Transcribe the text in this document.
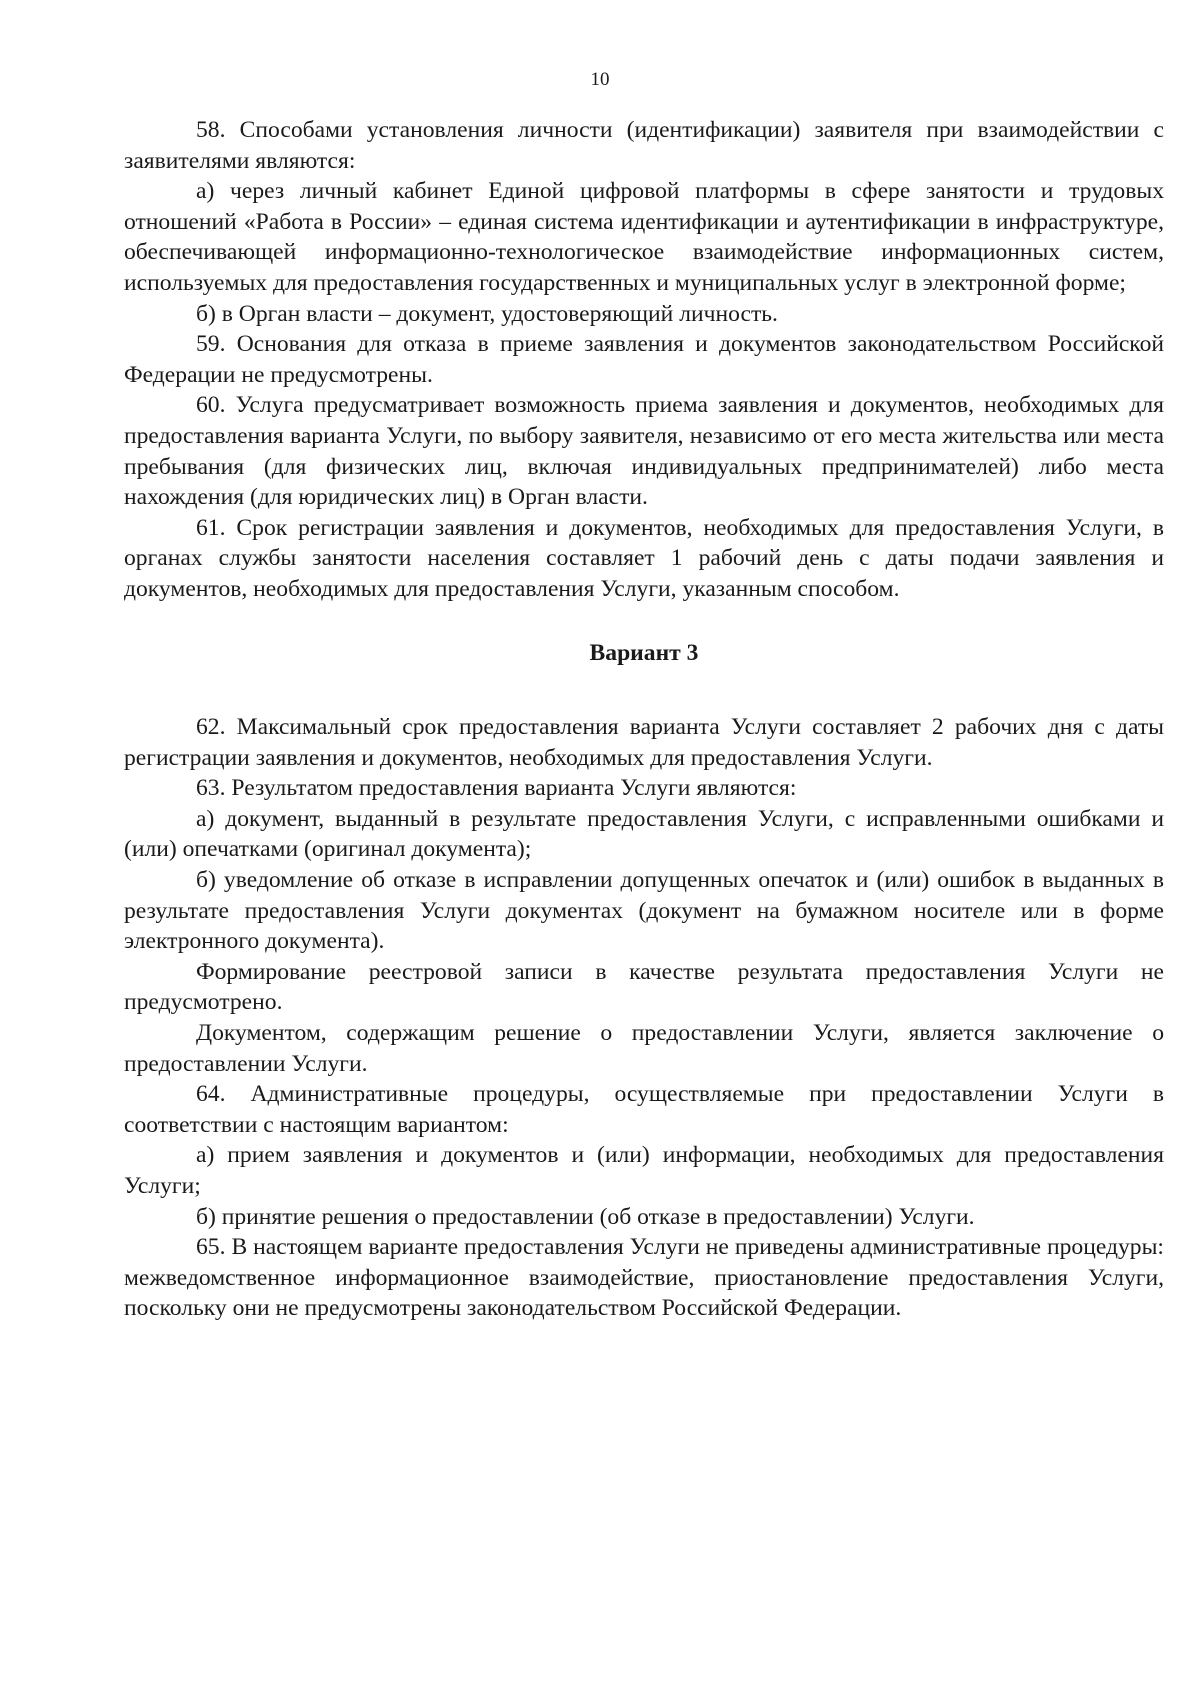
10

58. Способами установления личности (идентификации) заявителя при взаимодействии с заявителями являются:

а) через личный кабинет Единой цифровой платформы в сфере занятости и трудовых отношений «Работа в России» – единая система идентификации и аутентификации в инфраструктуре, обеспечивающей информационно-технологическое взаимодействие информационных систем, используемых для предоставления государственных и муниципальных услуг в электронной форме;

б) в Орган власти – документ, удостоверяющий личность.

59. Основания для отказа в приеме заявления и документов законодательством Российской Федерации не предусмотрены.

60. Услуга предусматривает возможность приема заявления и документов, необходимых для предоставления варианта Услуги, по выбору заявителя, независимо от его места жительства или места пребывания (для физических лиц, включая индивидуальных предпринимателей) либо места нахождения (для юридических лиц) в Орган власти.

61. Срок регистрации заявления и документов, необходимых для предоставления Услуги, в органах службы занятости населения составляет 1 рабочий день с даты подачи заявления и документов, необходимых для предоставления Услуги, указанным способом.

Вариант 3

62. Максимальный срок предоставления варианта Услуги составляет 2 рабочих дня с даты регистрации заявления и документов, необходимых для предоставления Услуги.

63. Результатом предоставления варианта Услуги являются:

а) документ, выданный в результате предоставления Услуги, с исправленными ошибками и (или) опечатками (оригинал документа);

б) уведомление об отказе в исправлении допущенных опечаток и (или) ошибок в выданных в результате предоставления Услуги документах (документ на бумажном носителе или в форме электронного документа).

Формирование реестровой записи в качестве результата предоставления Услуги не предусмотрено.

Документом, содержащим решение о предоставлении Услуги, является заключение о предоставлении Услуги.

64. Административные процедуры, осуществляемые при предоставлении Услуги в соответствии с настоящим вариантом:

а) прием заявления и документов и (или) информации, необходимых для предоставления Услуги;

б) принятие решения о предоставлении (об отказе в предоставлении) Услуги.

65. В настоящем варианте предоставления Услуги не приведены административные процедуры: межведомственное информационное взаимодействие, приостановление предоставления Услуги, поскольку они не предусмотрены законодательством Российской Федерации.
